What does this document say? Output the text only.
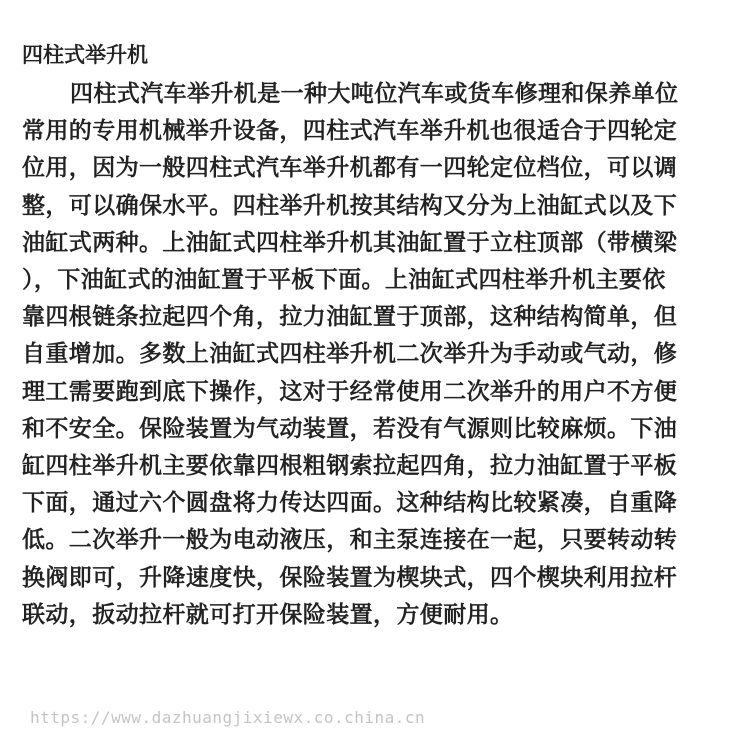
四柱式举升机
四柱式汽车举升机是一种大吨位汽车或货车修理和保养单位
常用的专用机械举升设备，四柱式汽车举升机也很适合于四轮定
位用，因为一般四柱式汽车举升机都有一四轮定位档位，可以调
整，可以确保水平。四柱举升机按其结构又分为上油缸式以及下
油缸式两种。上油缸式四柱举升机其油缸置于立柱顶部（带横梁
），下油缸式的油缸置于平板下面。上油缸式四柱举升机主要依
靠四根链条拉起四个角，拉力油缸置于顶部，这种结构简单，但
自重增加。多数上油缸式四柱举升机二次举升为手动或气动，修
理工需要跑到底下操作，这对于经常使用二次举升的用户不方便
和不安全。保险装置为气动装置，若没有气源则比较麻烦。下油
缸四柱举升机主要依靠四根粗钢索拉起四角，拉力油缸置于平板
下面，通过六个圆盘将力传达四面。这种结构比较紧凑，自重降
低。二次举升一般为电动液压，和主泵连接在一起，只要转动转
换阀即可，升降速度快，保险装置为楔块式，四个楔块利用拉杆
联动，扳动拉杆就可打开保险装置，方便耐用。
https://www.dazhuangjixiewx.co.china.cn
